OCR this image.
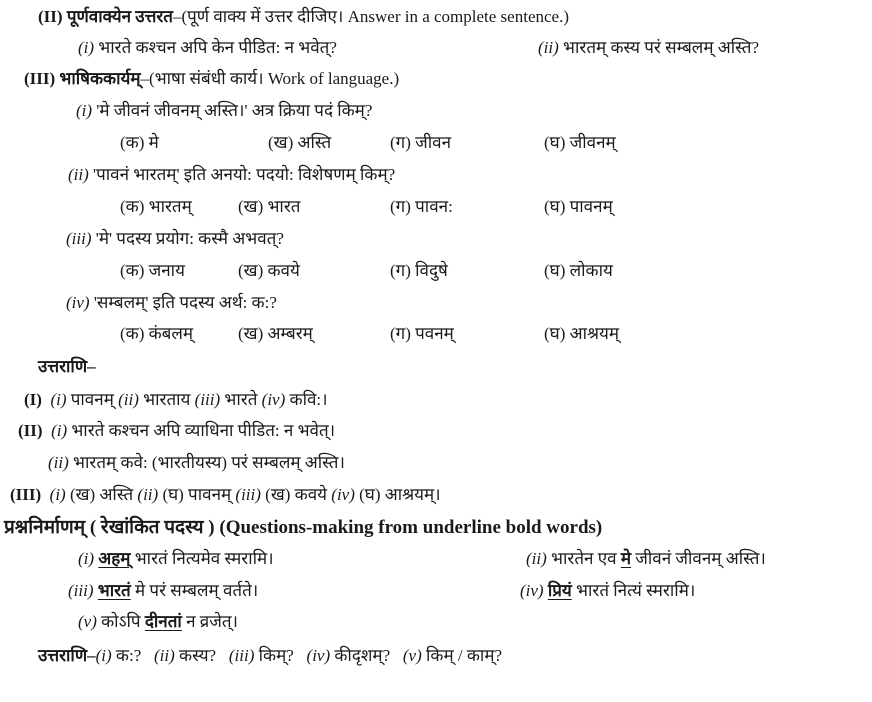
(II) पूर्णवाक्येन उत्तरत–(पूर्ण वाक्य में उत्तर दीजिए। Answer in a complete sentence.)
(i) भारते कश्चन अपि केन पीडित: न भवेत्?	(ii) भारतम् कस्य परं सम्बलम् अस्ति?
(III) भाषिककार्यम्–(भाषा संबंधी कार्य। Work of language.)
(i) 'मे जीवनं जीवनम् अस्ति।' अत्र क्रिया पदं किम्?
(क) मे	(ख) अस्ति	(ग) जीवन	(घ) जीवनम्
(ii) 'पावनं भारतम्' इति अनयो: पदयो: विशेषणम् किम्?
(क) भारतम्	(ख) भारत	(ग) पावन:	(घ) पावनम्
(iii) 'मे' पदस्य प्रयोग: कस्मै अभवत्?
(क) जनाय	(ख) कवये	(ग) विदुषे	(घ) लोकाय
(iv) 'सम्बलम्' इति पदस्य अर्थ: क:?
(क) कंबलम्	(ख) अम्बरम्	(ग) पवनम्	(घ) आश्रयम्
उत्तराणि–
(I) (i) पावनम् (ii) भारताय (iii) भारते (iv) कवि:।
(II) (i) भारते कश्चन अपि व्याधिना पीडित: न भवेत्।
(ii) भारतम् कवे: (भारतीयस्य) परं सम्बलम् अस्ति।
(III) (i) (ख) अस्ति (ii) (घ) पावनम् (iii) (ख) कवये (iv) (घ) आश्रयम्।
प्रश्ननिर्माणम् ( रेखांकित पदस्य ) (Questions-making from underline bold words)
(i) अहम् भारतं नित्यमेव स्मरामि।	(ii) भारतेन एव मे जीवनं जीवनम् अस्ति।
(iii) भारतं मे परं सम्बलम् वर्तते।	(iv) प्रियं भारतं नित्यं स्मरामि।
(v) कोऽपि दीनतां न व्रजेत्।
उत्तराणि–(i) क:? (ii) कस्य? (iii) किम्? (iv) कीदृशम्? (v) किम् / काम्?
